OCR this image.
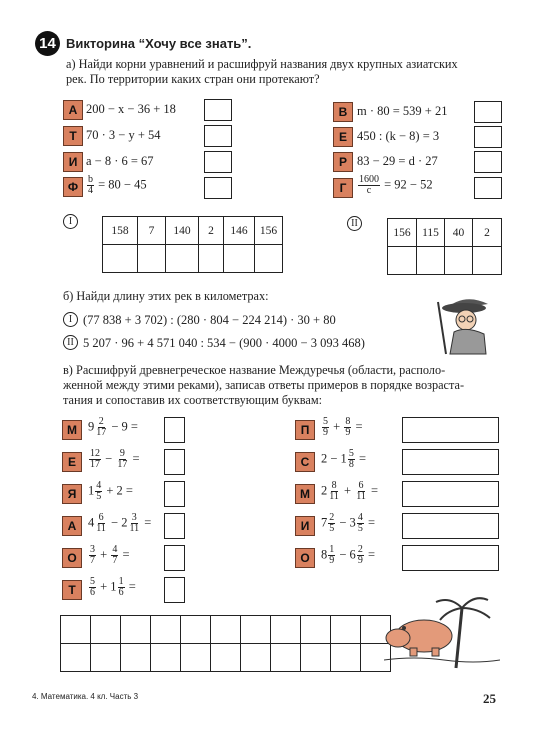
14 Викторина “Хочу все знать”.
а) Найди корни уравнений и расшифруй названия двух крупных азиатских
рек. По территории каких стран они протекают?
А 200 − x − 36 + 18
Т 70 · 3 − y + 54
И a − 8 · 6 = 67
Ф $\frac{b}{4} = 80 - 45$
В m · 80 = 539 + 21
Е 450 : (k − 8) = 3
Р 83 − 29 = d · 27
Г	$\frac{1600}{c} = 92 - 52$
I
158	7	140	2	146	156

II
156	115	40	2

б) Найди длину этих рек в километрах:
I (77 838 + 3 702) : (280 · 804 − 224 214) · 30 + 80
II 5 207 · 96 + 4 571 040 : 534 − (900 · 4000 − 3 093 468)
в) Расшифруй древнегреческое название Междуречья (области, располо-
женной между этими реками), записав ответы примеров в порядке возраста-
тания и сопоставив их соответствующим буквам:
М $9 \frac{2}{17} - 9$ =
Е	$\frac{12}{17} - \frac{9}{17}$ =
Я $1 \frac{4}{5} + 2$ =
А $4 \frac{6}{11} - 2 \frac{3}{11}$ =
О	$\frac{3}{7} + \frac{4}{7}$ =
Т	$\frac{5}{6} + 1 \frac{1}{6}$ =
П	$\frac{5}{9} + \frac{8}{9}$ =
С $2 - 1 \frac{5}{8}$ =
М $2 \frac{8}{11} + \frac{6}{11}$ =
И $7 \frac{2}{5} - 3 \frac{4}{5}$ =
О $8 \frac{1}{9} - 6 \frac{2}{9}$ =

4. Математика. 4 кл. Часть 3	25
